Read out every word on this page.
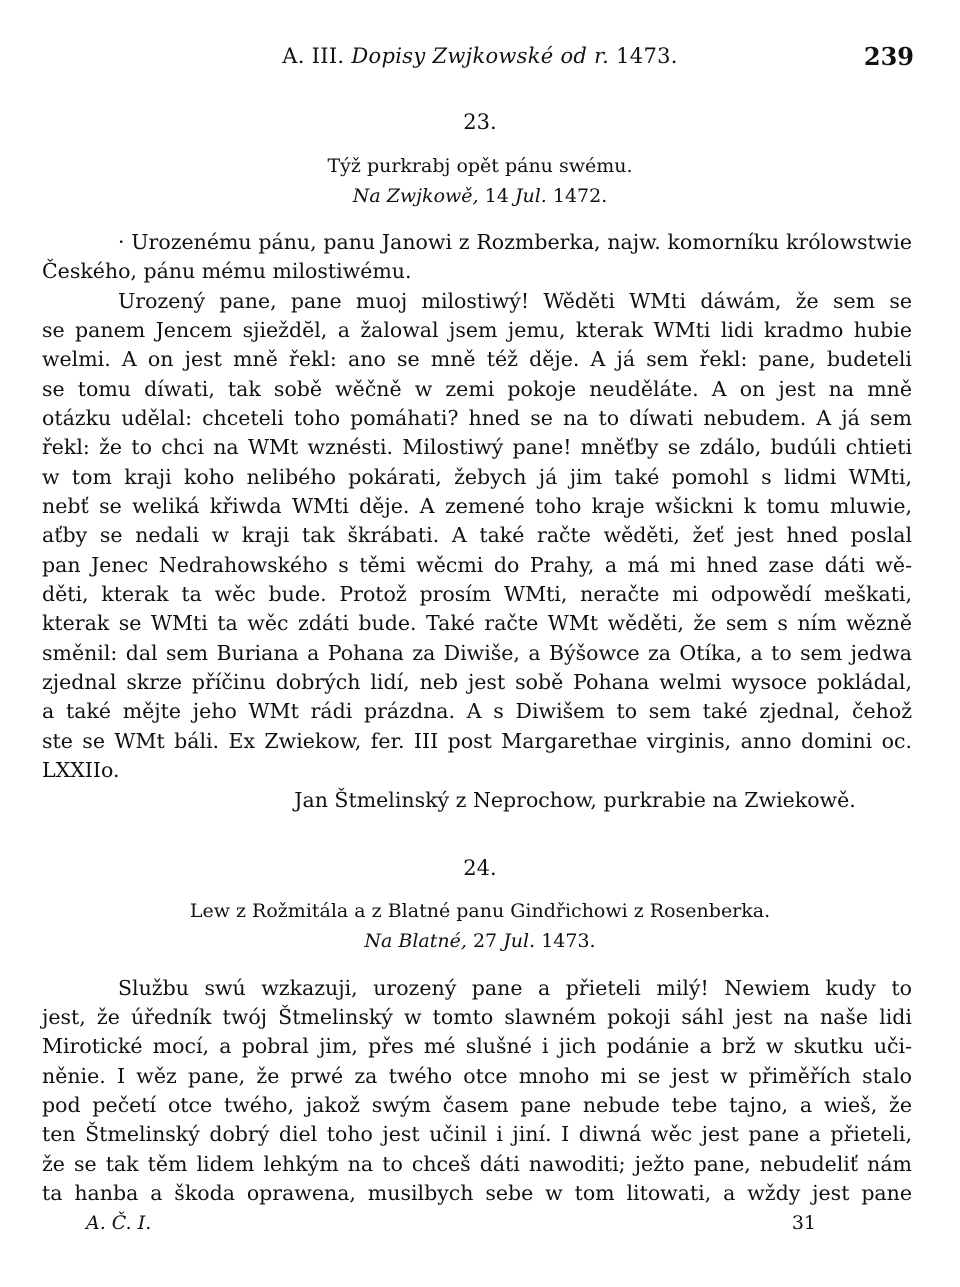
A. III. Dopisy Zwjkowské od r. 1473.	239
23.
Týž purkrabj opět pánu swému.
Na Zwjkowě, 14 Jul. 1472.
· Urozenému pánu, panu Janowi z Rozmberka, najw. komorníku królowstwie
Českého, pánu mému milostiwému.
Urozený pane, pane muoj milostiwý! Wěděti WMti dáwám, že sem se
se panem Jencem sjieždĕl, a žalowal jsem jemu, kterak WMti lidi kradmo hubie
welmi. A on jest mně řekl: ano se mně též děje. A já sem řekl: pane, budeteli
se tomu díwati, tak sobě wěčně w zemi pokoje neuděláte. A on jest na mně
otázku udělal: chceteli toho pomáhati? hned se na to díwati nebudem. A já sem
řekl: že to chci na WMt wznésti. Milostiwý pane! mněťby se zdálo, budúli chtieti
w tom kraji koho nelibého pokárati, žebych já jim také pomohl s lidmi WMti,
nebť se weliká křiwda WMti děje. A zemené toho kraje wšickni k tomu mluwie,
aťby se nedali w kraji tak škrábati. A také račte wěděti, žeť jest hned poslal
pan Jenec Nedrahowského s těmi wěcmi do Prahy, a má mi hned zase dáti wě-
děti, kterak ta wěc bude. Protož prosím WMti, neračte mi odpowědí meškati,
kterak se WMti ta wěc zdáti bude. Také račte WMt wěděti, že sem s ním wězně
směnil: dal sem Buriana a Pohana za Diwiše, a Býšowce za Otíka, a to sem jedwa
zjednal skrze příčinu dobrých lidí, neb jest sobě Pohana welmi wysoce pokládal,
a také mějte jeho WMt rádi prázdna. A s Diwišem to sem také zjednal, čehož
ste se WMt báli. Ex Zwiekow, fer. III post Margarethae virginis, anno domini oc.
LXXIIo.
Jan Štmelinský z Neprochow, purkrabie na Zwiekowě.
24.
Lew z Rožmitála a z Blatné panu Gindřichowi z Rosenberka.
Na Blatné, 27 Jul. 1473.
Službu swú wzkazuji, urozený pane a přieteli milý! Newiem kudy to
jest, že úředník twój Štmelinský w tomto slawném pokoji sáhl jest na naše lidi
Mirotické mocí, a pobral jim, přes mé slušné i jich podánie a brž w skutku uči-
něnie. I wěz pane, že prwé za twého otce mnoho mi se jest w přiměřích stalo
pod pečetí otce twého, jakož swým časem pane nebude tebe tajno, a wieš, že
ten Štmelinský dobrý diel toho jest učinil i jiní. I diwná wěc jest pane a přieteli,
že se tak těm lidem lehkým na to chceš dáti nawoditi; ježto pane, nebudeliť nám
ta hanba a škoda oprawena, musilbych sebe w tom litowati, a wždy jest pane
A. Č. I.	31
